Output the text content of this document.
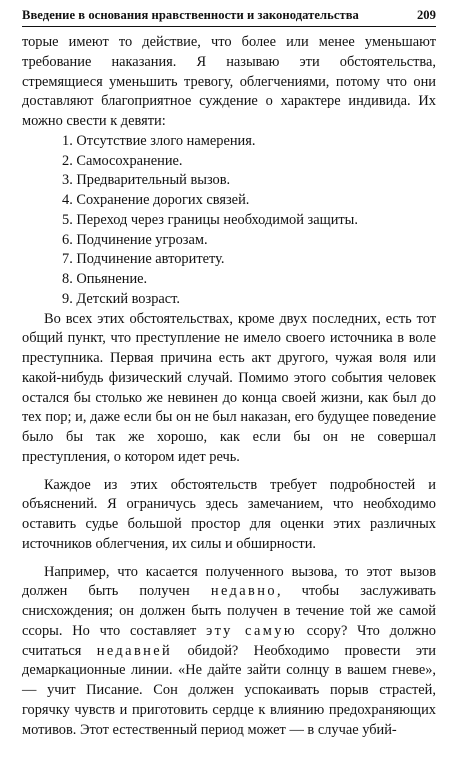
Введение в основания нравственности и законодательства	209

торые имеют то действие, что более или менее уменьшают требование наказания. Я называю эти обстоятельства, стремящиеся уменьшить тревогу, облегчениями, потому что они доставляют благоприятное суждение о характере индивида. Их можно свести к девяти:

1. Отсутствие злого намерения.
2. Самосохранение.
3. Предварительный вызов.
4. Сохранение дорогих связей.
5. Переход через границы необходимой защиты.
6. Подчинение угрозам.
7. Подчинение авторитету.
8. Опьянение.
9. Детский возраст.

Во всех этих обстоятельствах, кроме двух последних, есть тот общий пункт, что преступление не имело своего источника в воле преступника. Первая причина есть акт другого, чужая воля или какой-нибудь физический случай. Помимо этого события человек остался бы столько же невинен до конца своей жизни, как был до тех пор; и, даже если бы он не был наказан, его будущее поведение было бы так же хорошо, как если бы он не совершал преступления, о котором идет речь.

Каждое из этих обстоятельств требует подробностей и объяснений. Я ограничусь здесь замечанием, что необходимо оставить судье большой простор для оценки этих различных источников облегчения, их силы и обширности.

Например, что касается полученного вызова, то этот вызов должен быть получен недавно, чтобы заслуживать снисхождения; он должен быть получен в течение той же самой ссоры. Но что составляет эту самую ссору? Что должно считаться недавней обидой? Необходимо провести эти демаркационные линии. «Не дайте зайти солнцу в вашем гневе», — учит Писание. Сон должен успокаивать порыв страстей, горячку чувств и приготовить сердце к влиянию предохраняющих мотивов. Этот естественный период может — в случае убий-
